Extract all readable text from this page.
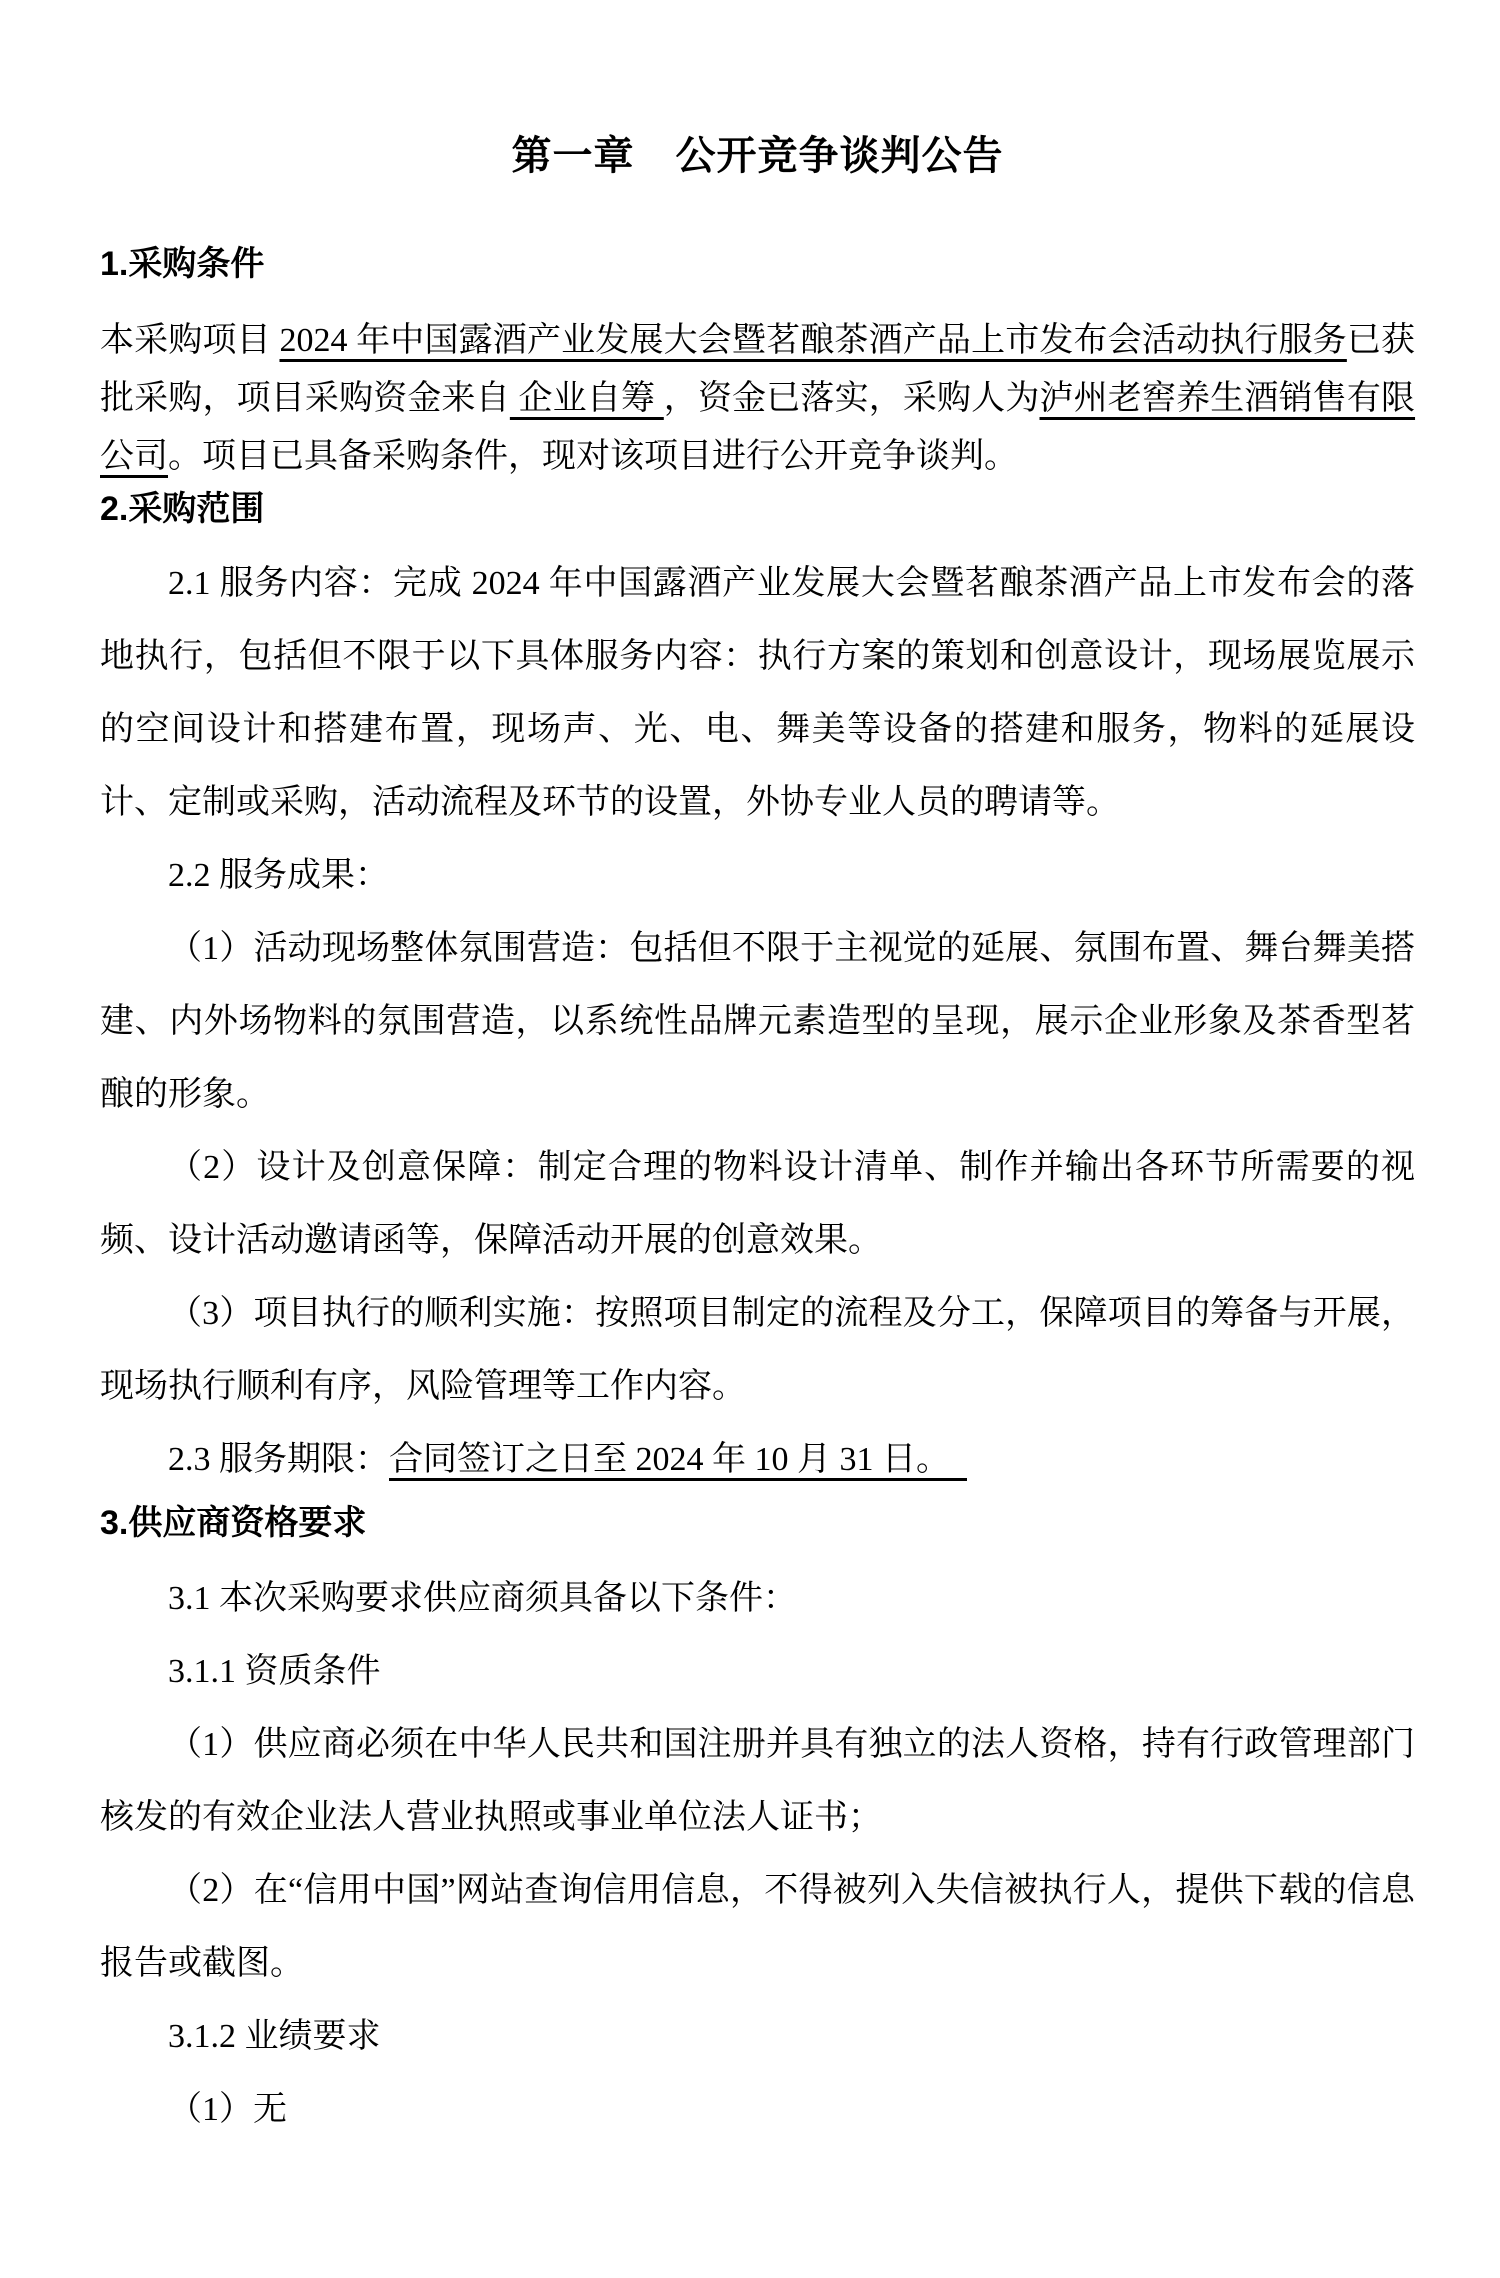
第一章　公开竞争谈判公告
1.采购条件

本采购项目 2024 年中国露酒产业发展大会暨茗酿茶酒产品上市发布会活动执行服务已获批采购，项目采购资金来自 企业自筹 ，资金已落实，采购人为泸州老窖养生酒销售有限公司。项目已具备采购条件，现对该项目进行公开竞争谈判。

2.采购范围

2.1 服务内容：完成 2024 年中国露酒产业发展大会暨茗酿茶酒产品上市发布会的落地执行，包括但不限于以下具体服务内容：执行方案的策划和创意设计，现场展览展示的空间设计和搭建布置，现场声、光、电、舞美等设备的搭建和服务，物料的延展设计、定制或采购，活动流程及环节的设置，外协专业人员的聘请等。

2.2 服务成果：

（1）活动现场整体氛围营造：包括但不限于主视觉的延展、氛围布置、舞台舞美搭建、内外场物料的氛围营造，以系统性品牌元素造型的呈现，展示企业形象及茶香型茗酿的形象。

（2）设计及创意保障：制定合理的物料设计清单、制作并输出各环节所需要的视频、设计活动邀请函等，保障活动开展的创意效果。

（3）项目执行的顺利实施：按照项目制定的流程及分工，保障项目的筹备与开展，现场执行顺利有序，风险管理等工作内容。

2.3 服务期限：合同签订之日至 2024 年 10 月 31 日。　

3.供应商资格要求

3.1 本次采购要求供应商须具备以下条件：

3.1.1 资质条件

（1）供应商必须在中华人民共和国注册并具有独立的法人资格，持有行政管理部门核发的有效企业法人营业执照或事业单位法人证书；

（2）在“信用中国”网站查询信用信息，不得被列入失信被执行人，提供下载的信息报告或截图。

3.1.2 业绩要求

（1）无
